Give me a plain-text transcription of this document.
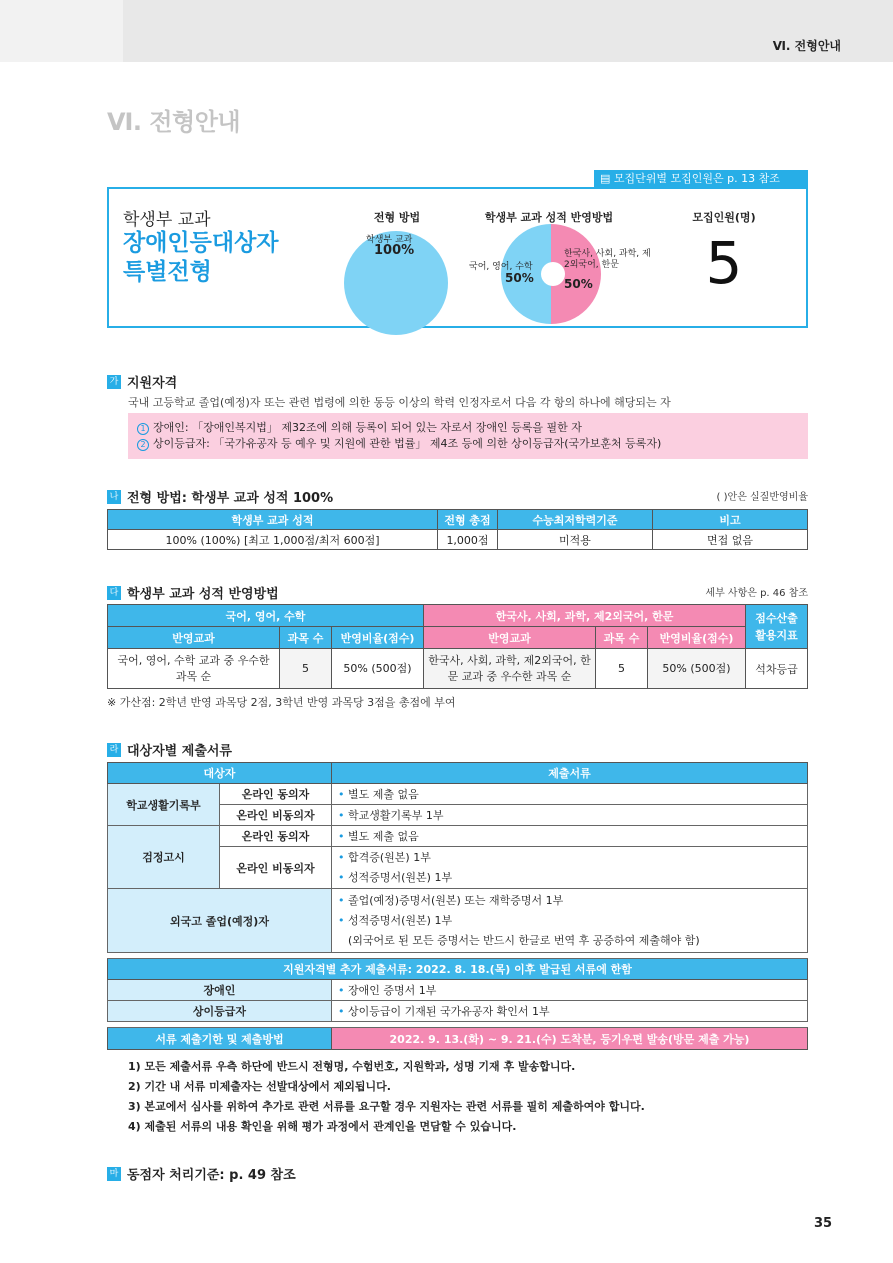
Ⅵ. 전형안내
Ⅵ. 전형안내
▤ 모집단위별 모집인원은 p. 13 참조
학생부 교과
장애인등대상자
특별전형
전형 방법	학생부 교과 성적 반영방법	모집인원(명)
학생부 교과
100%
국어, 영어, 수학
50%
한국사, 사회, 과학, 제2외국어, 한문
50% 5
가 지원자격
국내 고등학교 졸업(예정)자 또는 관련 법령에 의한 동등 이상의 학력 인정자로서 다음 각 항의 하나에 해당되는 자
1 장애인: 「장애인복지법」 제32조에 의해 등록이 되어 있는 자로서 장애인 등록을 필한 자
2 상이등급자: 「국가유공자 등 예우 및 지원에 관한 법률」 제4조 등에 의한 상이등급자(국가보훈처 등록자)
나 전형 방법: 학생부 교과 성적 100%	( )안은 실질반영비율
학생부 교과 성적	전형 총점	수능최저학력기준	비고
100% (100%) [최고 1,000점/최저 600점]	1,000점	미적용	면접 없음
다 학생부 교과 성적 반영방법	세부 사항은 p. 46 참조
국어, 영어, 수학			한국사, 사회, 과학, 제2외국어, 한문			점수산출 활용지표
반영교과	과목 수	반영비율(점수)	반영교과	과목 수	반영비율(점수)	
국어, 영어, 수학 교과 중 우수한 과목 순	5	50% (500점)	한국사, 사회, 과학, 제2외국어, 한문 교과 중 우수한 과목 순	5	50% (500점)	석차등급
※ 가산점: 2학년 반영 과목당 2점, 3학년 반영 과목당 3점을 총점에 부여
라 대상자별 제출서류
대상자		제출서류
학교생활기록부	온라인 동의자	• 별도 제출 없음
	온라인 비동의자	• 학교생활기록부 1부
검정고시	온라인 동의자	• 별도 제출 없음
	온라인 비동의자	• 합격증(원본) 1부
• 성적증명서(원본) 1부

외국고 졸업(예정)자		• 졸업(예정)증명서(원본) 또는 재학증명서 1부
• 성적증명서(원본) 1부
(외국어로 된 모든 증명서는 반드시 한글로 번역 후 공증하여 제출해야 함)

지원자격별 추가 제출서류: 2022. 8. 18.(목) 이후 발급된 서류에 한함		
장애인		• 장애인 증명서 1부
상이등급자		• 상이등급이 기재된 국가유공자 확인서 1부

서류 제출기한 및 제출방법		2022. 9. 13.(화) ~ 9. 21.(수) 도착분, 등기우편 발송(방문 제출 가능)
1) 모든 제출서류 우측 하단에 반드시 전형명, 수험번호, 지원학과, 성명 기재 후 발송합니다.
2) 기간 내 서류 미제출자는 선발대상에서 제외됩니다.
3) 본교에서 심사를 위하여 추가로 관련 서류를 요구할 경우 지원자는 관련 서류를 필히 제출하여야 합니다.
4) 제출된 서류의 내용 확인을 위해 평가 과정에서 관계인을 면담할 수 있습니다.
마 동점자 처리기준: p. 49 참조
35
